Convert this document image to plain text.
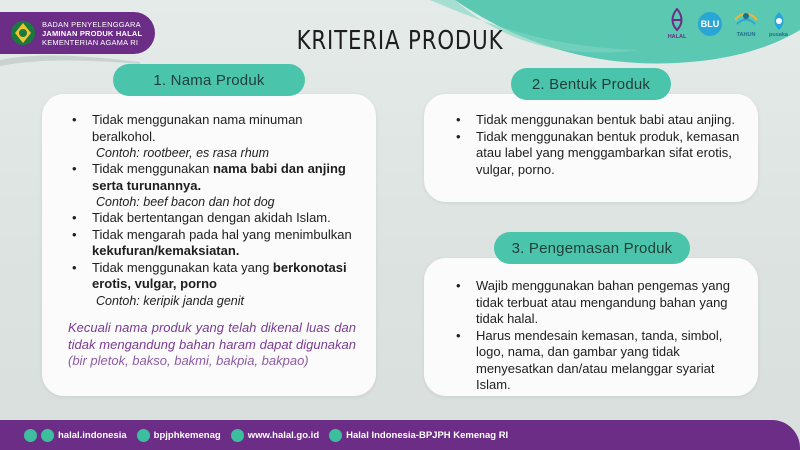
BADAN PENYELENGGARA
JAMINAN PRODUK HALAL
KEMENTERIAN AGAMA RI	KRITERIA PRODUK	HALAL
BLU
TAHUN pusaka
1. Nama Produk
• Tidak menggunakan nama minuman beralkohol.
Contoh: rootbeer, es rasa rhum
• Tidak menggunakan nama babi dan anjing serta turunannya.
Contoh: beef bacon dan hot dog
• Tidak bertentangan dengan akidah Islam.
• Tidak mengarah pada hal yang menimbulkan kekufuran/kemaksiatan.
• Tidak menggunakan kata yang berkonotasi erotis, vulgar, porno
Contoh: keripik janda genit
Kecuali nama produk yang telah dikenal luas dan tidak mengandung bahan haram dapat digunakan (bir pletok, bakso, bakmi, bakpia, bakpao)
2. Bentuk Produk
• Tidak menggunakan bentuk babi atau anjing.
• Tidak menggunakan bentuk produk, kemasan atau label yang menggambarkan sifat erotis, vulgar, porno.
3. Pengemasan Produk
• Wajib menggunakan bahan pengemas yang tidak terbuat atau mengandung bahan yang tidak halal.
• Harus mendesain kemasan, tanda, simbol, logo, nama, dan gambar yang tidak menyesatkan dan/atau melanggar syariat Islam.
halal.indonesia	bpjphkemenag	www.halal.go.id	Halal Indonesia-BPJPH Kemenag RI
